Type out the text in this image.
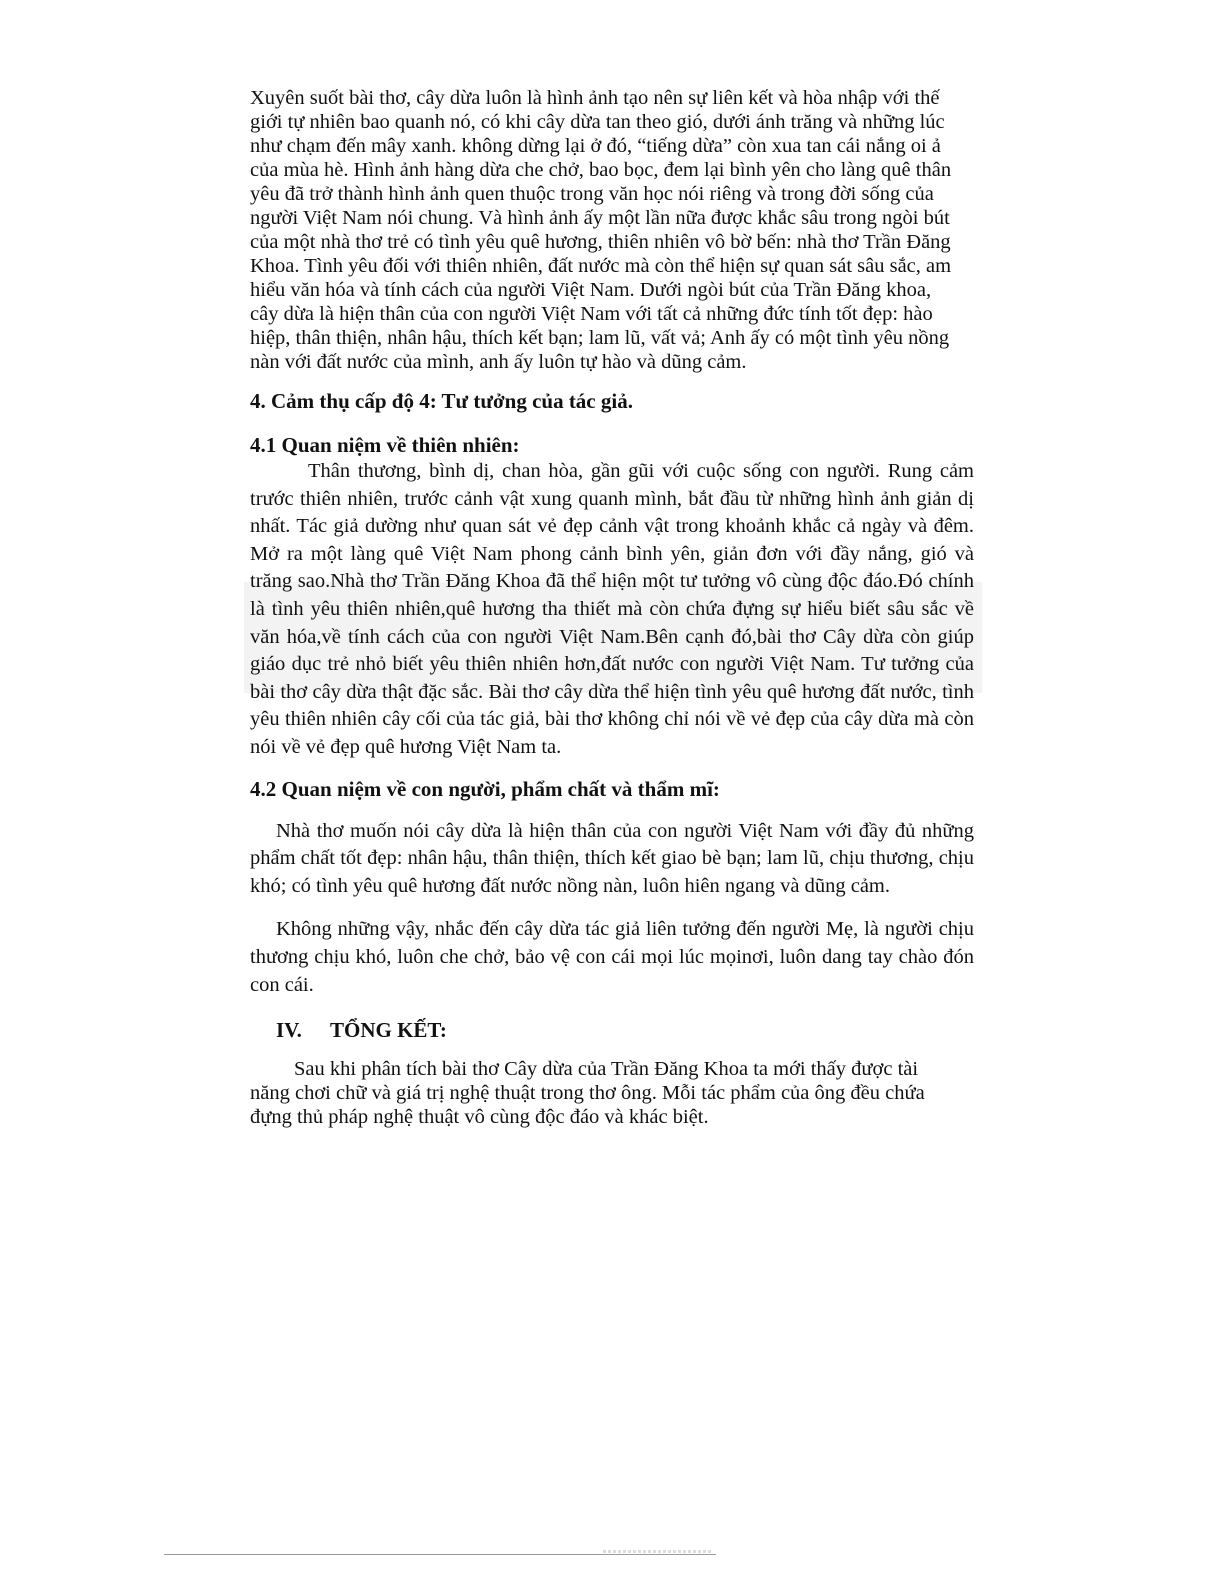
Xuyên suốt bài thơ, cây dừa luôn là hình ảnh tạo nên sự liên kết và hòa nhập với thế

giới tự nhiên bao quanh nó, có khi cây dừa tan theo gió, dưới ánh trăng và những lúc

như chạm đến mây xanh. không dừng lại ở đó, “tiếng dừa” còn xua tan cái nắng oi ả

của mùa hè. Hình ảnh hàng dừa che chở, bao bọc, đem lại bình yên cho làng quê thân

yêu đã trở thành hình ảnh quen thuộc trong văn học nói riêng và trong đời sống của

người Việt Nam nói chung. Và hình ảnh ấy một lần nữa được khắc sâu trong ngòi bút

của một nhà thơ trẻ có tình yêu quê hương, thiên nhiên vô bờ bến: nhà thơ Trần Đăng

Khoa. Tình yêu đối với thiên nhiên, đất nước mà còn thể hiện sự quan sát sâu sắc, am

hiểu văn hóa và tính cách của người Việt Nam. Dưới ngòi bút của Trần Đăng khoa,

cây dừa là hiện thân của con người Việt Nam với tất cả những đức tính tốt đẹp: hào

hiệp, thân thiện, nhân hậu, thích kết bạn; lam lũ, vất vả; Anh ấy có một tình yêu nồng

nàn với đất nước của mình, anh ấy luôn tự hào và dũng cảm.

4. Cảm thụ cấp độ 4: Tư tưởng của tác giả.
4.1 Quan niệm về thiên nhiên:

Thân thương, bình dị, chan hòa, gần gũi với cuộc sống con người. Rung cảm trước thiên nhiên, trước cảnh vật xung quanh mình, bắt đầu từ những hình ảnh giản dị nhất. Tác giả dường như quan sát vẻ đẹp cảnh vật trong khoảnh khắc cả ngày và đêm. Mở ra một làng quê Việt Nam phong cảnh bình yên, giản đơn với đầy nắng, gió và trăng sao.Nhà thơ Trần Đăng Khoa đã thể hiện một tư tưởng vô cùng độc đáo.Đó chính là tình yêu thiên nhiên,quê hương tha thiết mà còn chứa đựng sự hiểu biết sâu sắc về văn hóa,về tính cách của con người Việt Nam.Bên cạnh đó,bài thơ Cây dừa còn giúp giáo dục trẻ nhỏ biết yêu thiên nhiên hơn,đất nước con người Việt Nam. Tư tưởng của bài thơ cây dừa thật đặc sắc. Bài thơ cây dừa thể hiện tình yêu quê hương đất nước, tình yêu thiên nhiên cây cối của tác giả, bài thơ không chỉ nói về vẻ đẹp của cây dừa mà còn nói về vẻ đẹp quê hương Việt Nam ta.

4.2 Quan niệm về con người, phẩm chất và thẩm mĩ:

Nhà thơ muốn nói cây dừa là hiện thân của con người Việt Nam với đầy đủ những phẩm chất tốt đẹp: nhân hậu, thân thiện, thích kết giao bè bạn; lam lũ, chịu thương, chịu khó; có tình yêu quê hương đất nước nồng nàn, luôn hiên ngang và dũng cảm.

Không những vậy, nhắc đến cây dừa tác giả liên tưởng đến người Mẹ, là người chịu thương chịu khó, luôn che chở, bảo vệ con cái mọi lúc mọinơi, luôn dang tay chào đón con cái.

IV.	TỔNG KẾT:

Sau khi phân tích bài thơ Cây dừa của Trần Đăng Khoa ta mới thấy được tài

năng chơi chữ và giá trị nghệ thuật trong thơ ông. Mỗi tác phẩm của ông đều chứa

đựng thủ pháp nghệ thuật vô cùng độc đáo và khác biệt.
